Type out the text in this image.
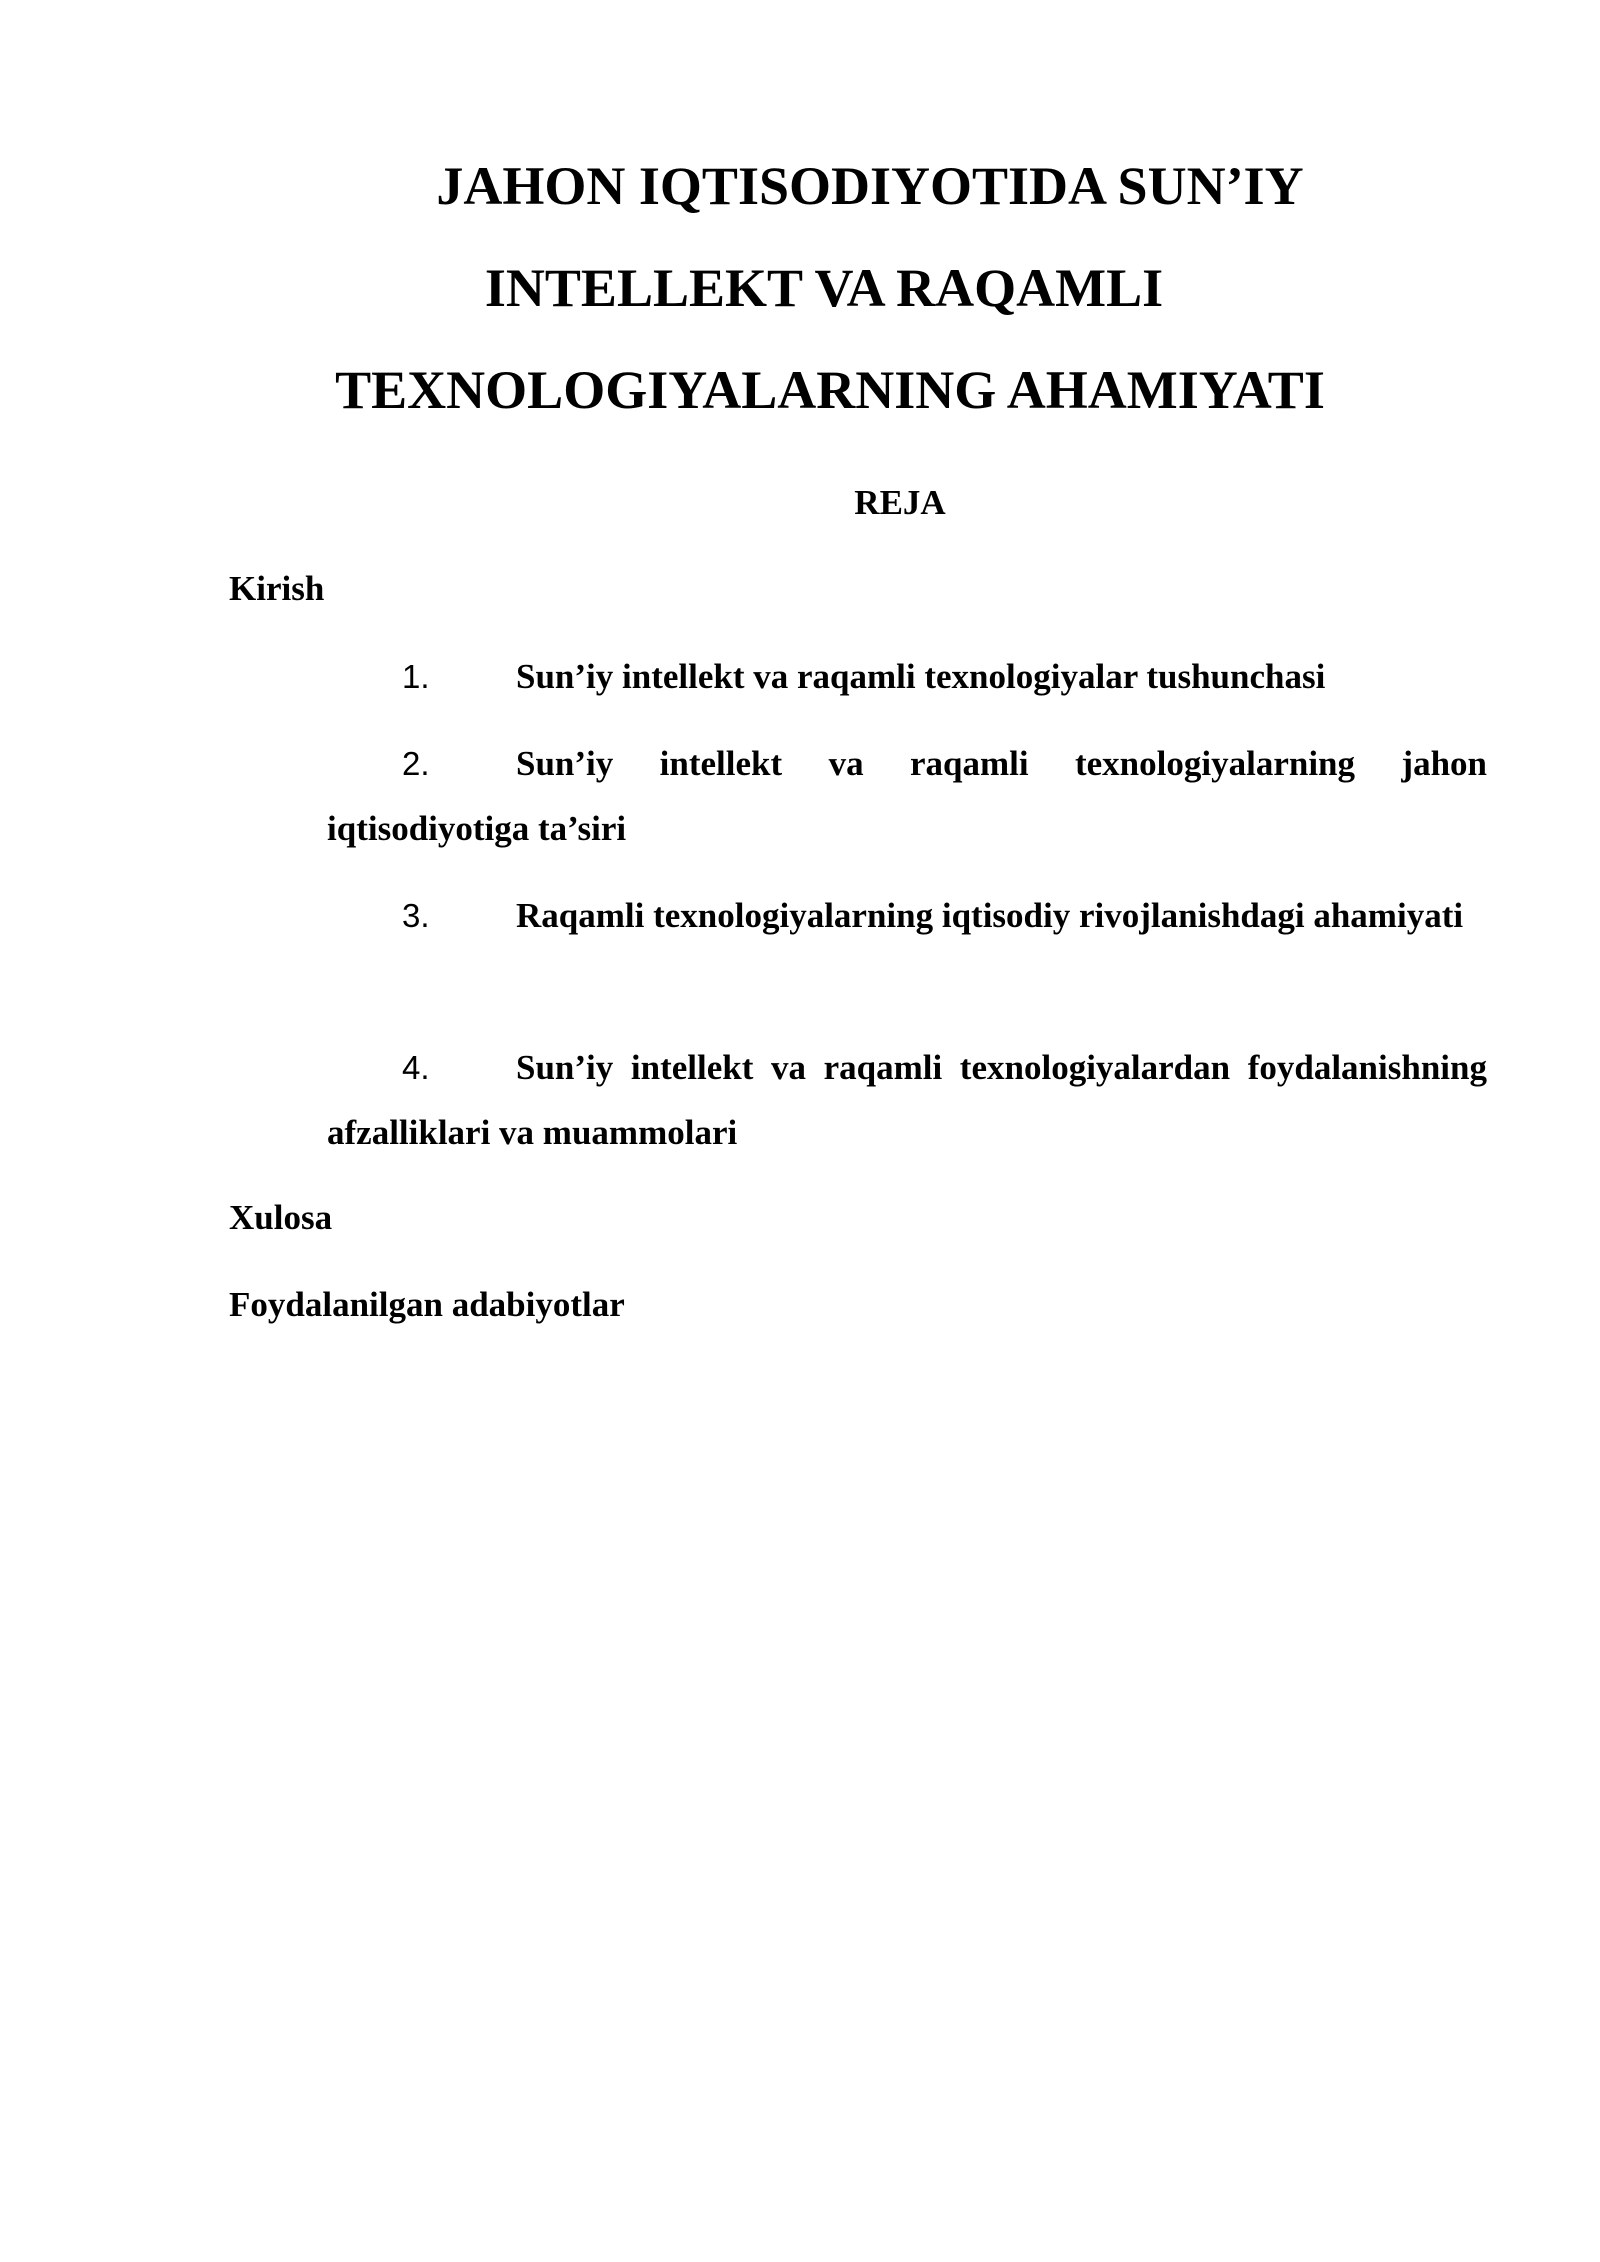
JAHON IQTISODIYOTIDA SUN’IY
INTELLEKT VA RAQAMLI
TEXNOLOGIYALARNING AHAMIYATI
REJA
Kirish
1.	Sun’iy intellekt va raqamli texnologiyalar tushunchasi
2.	Sun’iy intellekt va raqamli texnologiyalarning jahon iqtisodiyotiga ta’siri
3.	Raqamli texnologiyalarning iqtisodiy rivojlanishdagi ahamiyati
4.	Sun’iy intellekt va raqamli texnologiyalardan foydalanishning afzalliklari va muammolari
Xulosa
Foydalanilgan adabiyotlar
